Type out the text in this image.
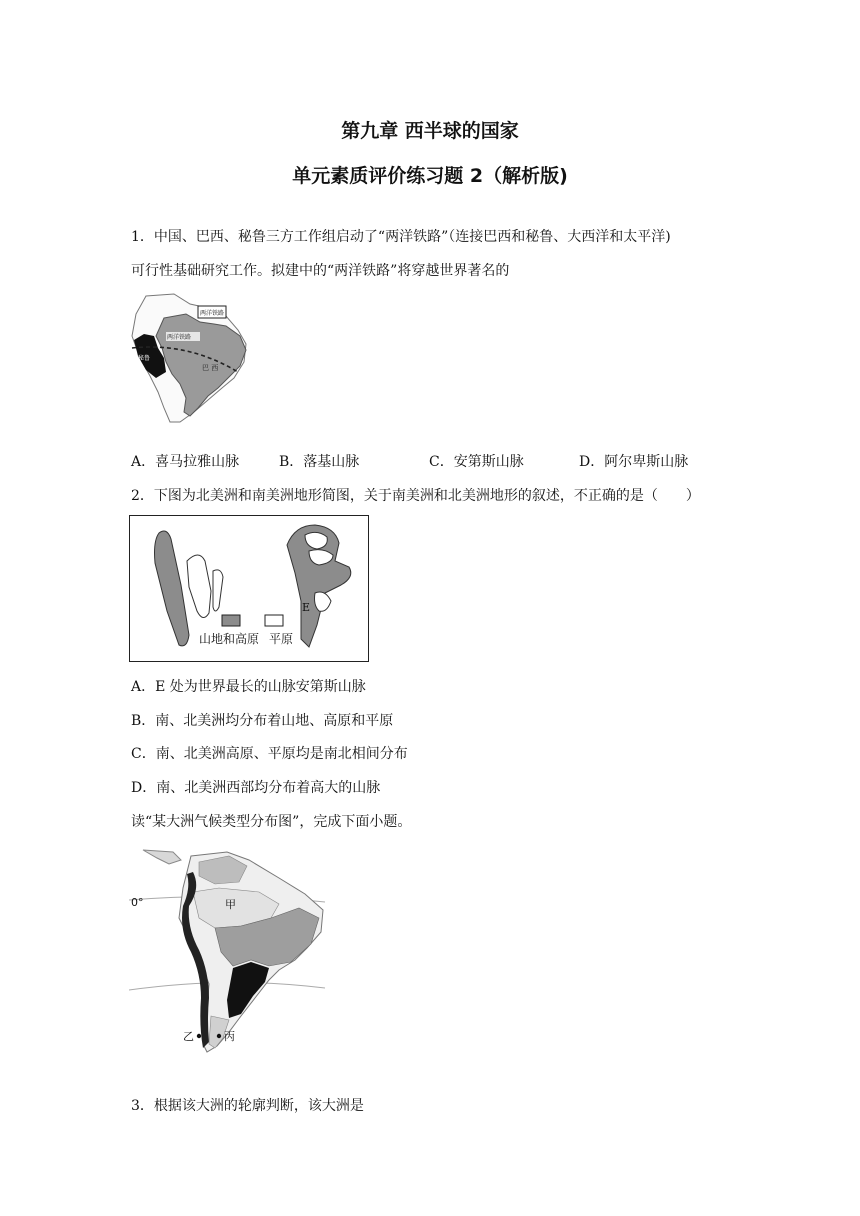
第九章 西半球的国家
单元素质评价练习题 2（解析版)
1．中国、巴西、秘鲁三方工作组启动了“两洋铁路”（连接巴西和秘鲁、大西洋和太平洋)
可行性基础研究工作。拟建中的“两洋铁路”将穿越世界著名的
秘鲁
巴 西
两洋铁路
两洋铁路
A．喜马拉雅山脉	B．落基山脉	C．安第斯山脉	D．阿尔卑斯山脉
2．下图为北美洲和南美洲地形简图，关于南美洲和北美洲地形的叙述，不正确的是（　　）
E
山地和高原 平原
A．E 处为世界最长的山脉安第斯山脉
B．南、北美洲均分布着山地、高原和平原
C．南、北美洲高原、平原均是南北相间分布
D．南、北美洲西部均分布着高大的山脉
读“某大洲气候类型分布图”，完成下面小题。
0°	甲
乙	丙
3．根据该大洲的轮廓判断，该大洲是
